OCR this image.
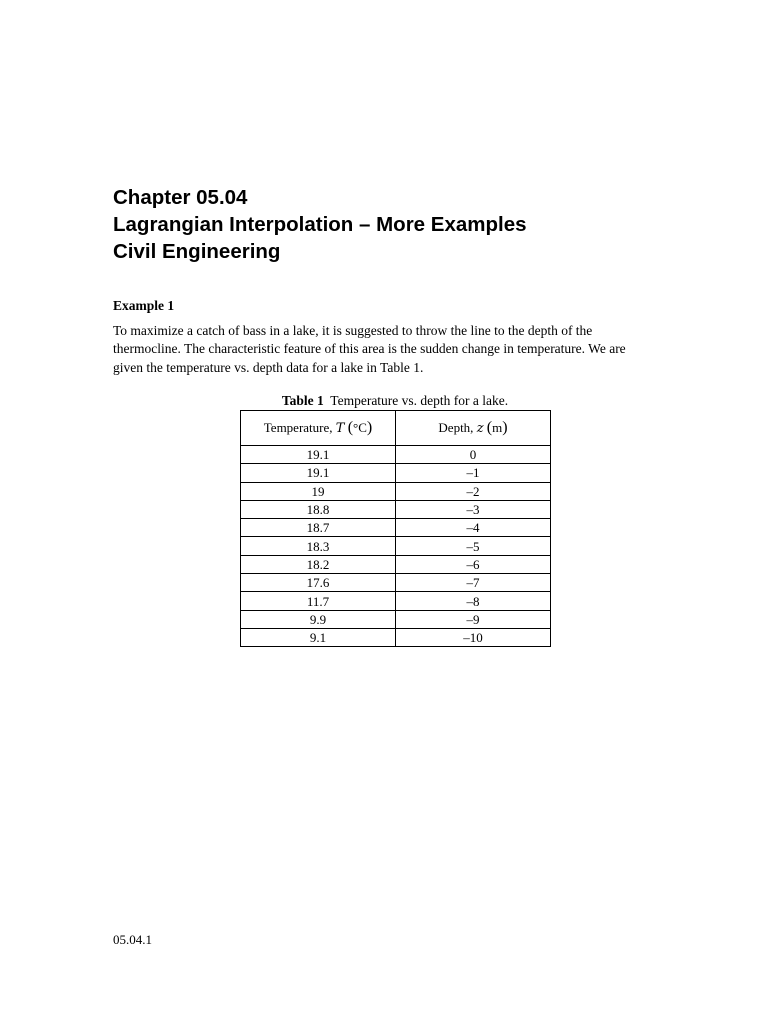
Chapter 05.04
Lagrangian Interpolation – More Examples
Civil Engineering
Example 1

To maximize a catch of bass in a lake, it is suggested to throw the line to the depth of the thermocline. The characteristic feature of this area is the sudden change in temperature. We are given the temperature vs. depth data for a lake in Table 1.

Table 1 Temperature vs. depth for a lake.
Temperature, T (°C)	Depth, z (m)
19.1	0
19.1	–1
19	–2
18.8	–3
18.7	–4
18.3	–5
18.2	–6
17.6	–7
11.7	–8
9.9	–9
9.1	–10
05.04.1
